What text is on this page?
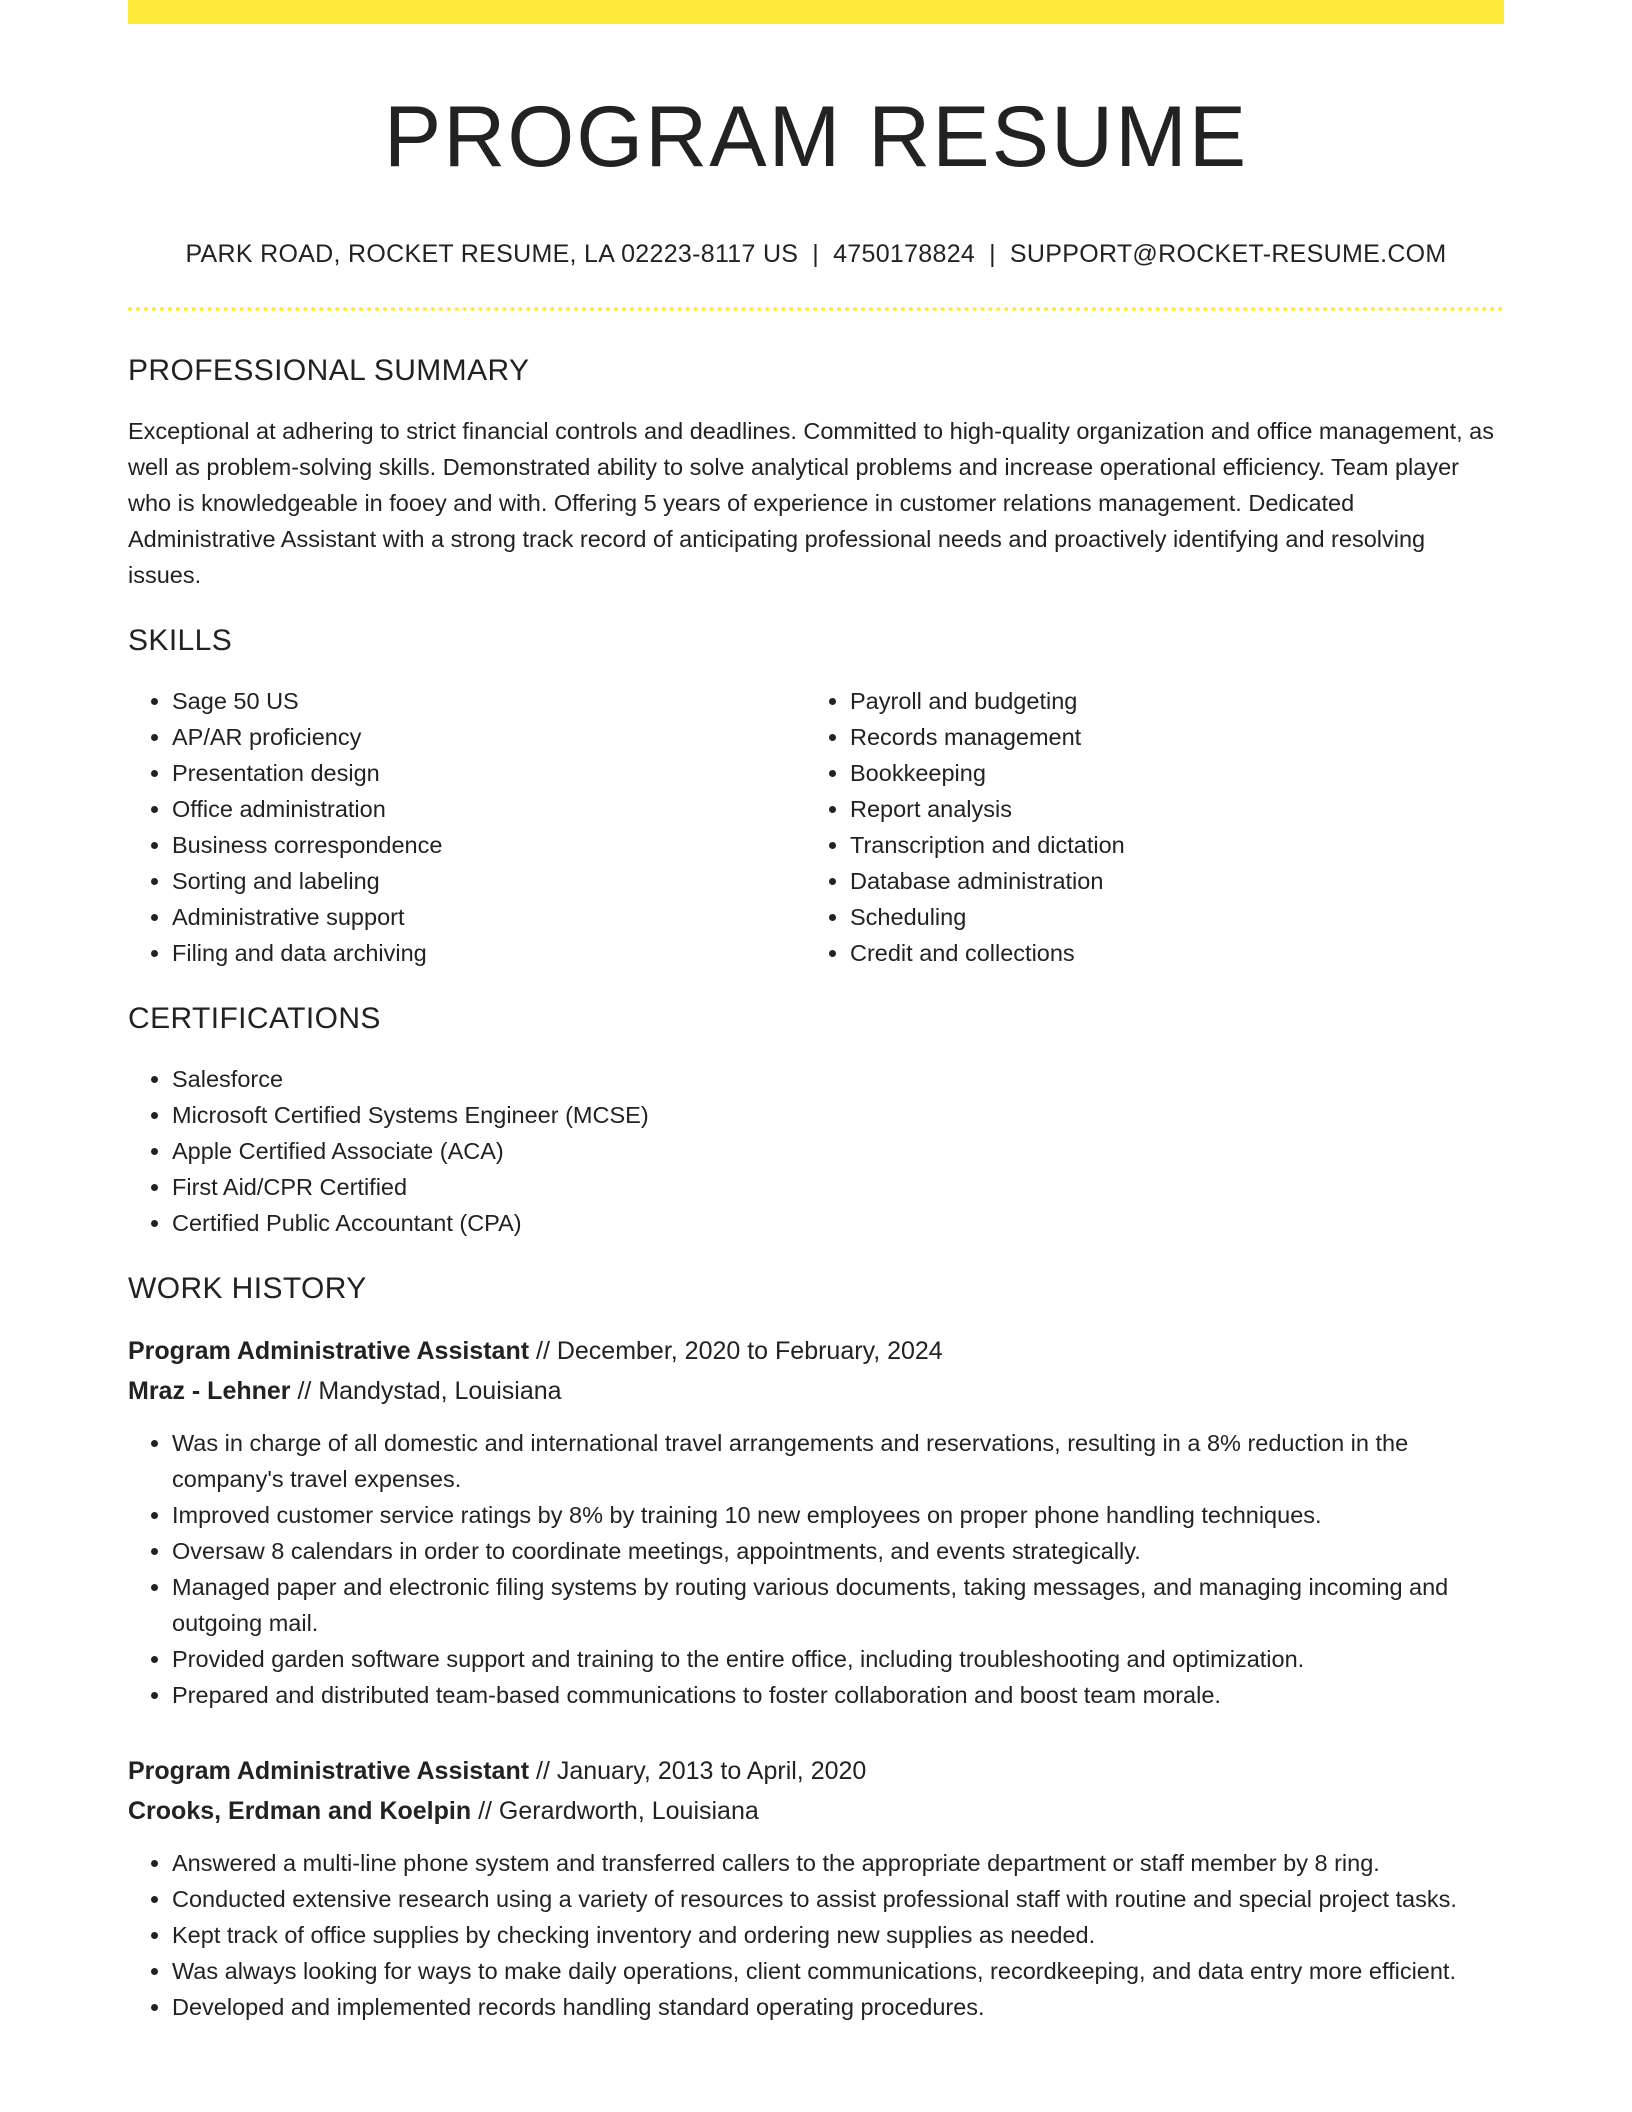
PROGRAM RESUME
PARK ROAD, ROCKET RESUME, LA 02223-8117 US | 4750178824 | SUPPORT@ROCKET-RESUME.COM
PROFESSIONAL SUMMARY

Exceptional at adhering to strict financial controls and deadlines. Committed to high-quality organization and office management, as well as problem-solving skills. Demonstrated ability to solve analytical problems and increase operational efficiency. Team player who is knowledgeable in fooey and with. Offering 5 years of experience in customer relations management. Dedicated Administrative Assistant with a strong track record of anticipating professional needs and proactively identifying and resolving issues.

SKILLS
• Sage 50 US
• AP/AR proficiency
• Presentation design
• Office administration
• Business correspondence
• Sorting and labeling
• Administrative support
• Filing and data archiving
• Payroll and budgeting
• Records management
• Bookkeeping
• Report analysis
• Transcription and dictation
• Database administration
• Scheduling
• Credit and collections
CERTIFICATIONS
• Salesforce
• Microsoft Certified Systems Engineer (MCSE)
• Apple Certified Associate (ACA)
• First Aid/CPR Certified
• Certified Public Accountant (CPA)
WORK HISTORY
Program Administrative Assistant // December, 2020 to February, 2024
Mraz - Lehner // Mandystad, Louisiana
• Was in charge of all domestic and international travel arrangements and reservations, resulting in a 8% reduction in the company's travel expenses.
• Improved customer service ratings by 8% by training 10 new employees on proper phone handling techniques.
• Oversaw 8 calendars in order to coordinate meetings, appointments, and events strategically.
• Managed paper and electronic filing systems by routing various documents, taking messages, and managing incoming and outgoing mail.
• Provided garden software support and training to the entire office, including troubleshooting and optimization.
• Prepared and distributed team-based communications to foster collaboration and boost team morale.
Program Administrative Assistant // January, 2013 to April, 2020
Crooks, Erdman and Koelpin // Gerardworth, Louisiana
• Answered a multi-line phone system and transferred callers to the appropriate department or staff member by 8 ring.
• Conducted extensive research using a variety of resources to assist professional staff with routine and special project tasks.
• Kept track of office supplies by checking inventory and ordering new supplies as needed.
• Was always looking for ways to make daily operations, client communications, recordkeeping, and data entry more efficient.
• Developed and implemented records handling standard operating procedures.
